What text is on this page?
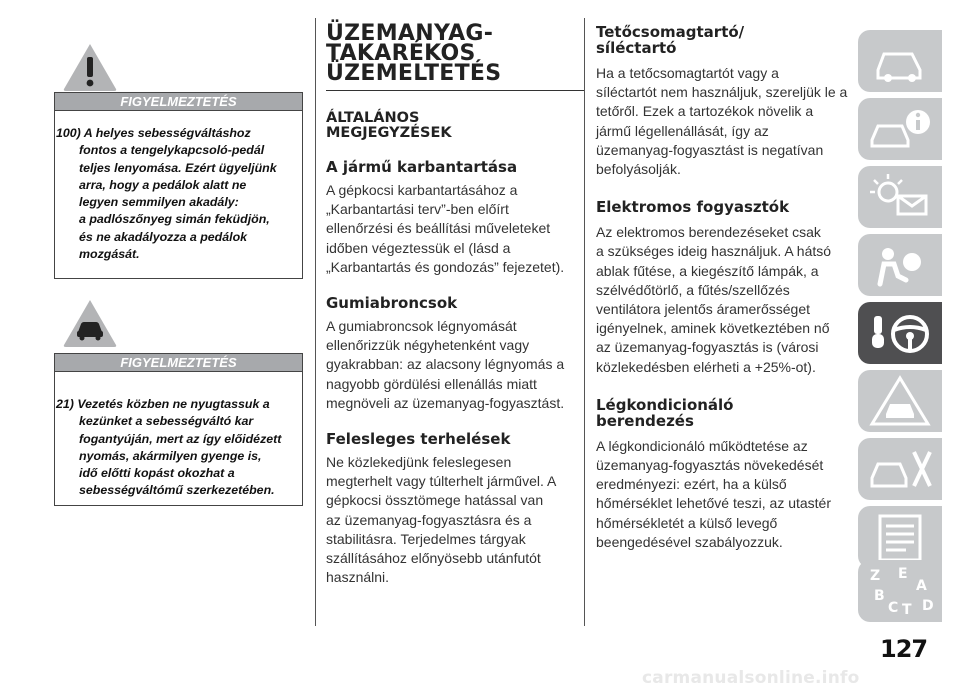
FIGYELMEZTETÉS

100) A helyes sebességváltáshoz
fontos a tengelykapcsoló-pedál
teljes lenyomása. Ezért ügyeljünk
arra, hogy a pedálok alatt ne
legyen semmilyen akadály:
a padlószőnyeg simán feküdjön,
és ne akadályozza a pedálok
mozgását.

FIGYELMEZTETÉS

21) Vezetés közben ne nyugtassuk a
kezünket a sebességváltó kar
fogantyúján, mert az így előidézett
nyomás, akármilyen gyenge is,
idő előtti kopást okozhat a
sebességváltómű szerkezetében.

ÜZEMANYAG-
TAKARÉKOS
ÜZEMELTETÉS
ÁLTALÁNOS
MEGJEGYZÉSEK
A jármű karbantartása

A gépkocsi karbantartásához a
„Karbantartási terv”-ben előírt
ellenőrzési és beállítási műveleteket
időben végeztessük el (lásd a
„Karbantartás és gondozás” fejezetet).

Gumiabroncsok

A gumiabroncsok légnyomását
ellenőrizzük négyhetenként vagy
gyakrabban: az alacsony légnyomás a
nagyobb gördülési ellenállás miatt
megnöveli az üzemanyag-fogyasztást.

Felesleges terhelések

Ne közlekedjünk feleslegesen
megterhelt vagy túlterhelt járművel. A
gépkocsi össztömege hatással van
az üzemanyag-fogyasztásra és a
stabilitásra. Terjedelmes tárgyak
szállításához előnyösebb utánfutót
használni.

Tetőcsomagtartó/
síléctartó

Ha a tetőcsomagtartót vagy a
síléctartót nem használjuk, szereljük le a
tetőről. Ezek a tartozékok növelik a
jármű légellenállását, így az
üzemanyag-fogyasztást is negatívan
befolyásolják.

Elektromos fogyasztók

Az elektromos berendezéseket csak
a szükséges ideig használjuk. A hátsó
ablak fűtése, a kiegészítő lámpák, a
szélvédőtörlő, a fűtés/szellőzés
ventilátora jelentős áramerősséget
igényelnek, aminek következtében nő
az üzemanyag-fogyasztás is (városi
közlekedésben elérheti a +25%-ot).

Légkondicionáló
berendezés

A légkondicionáló működtetése az
üzemanyag-fogyasztás növekedését
eredményezi: ezért, ha a külső
hőmérséklet lehetővé teszi, az utastér
hőmérsékletét a külső levegő
beengedésével szabályozzuk.

Z E
A
B
C T D
127
carmanualsonline.info
